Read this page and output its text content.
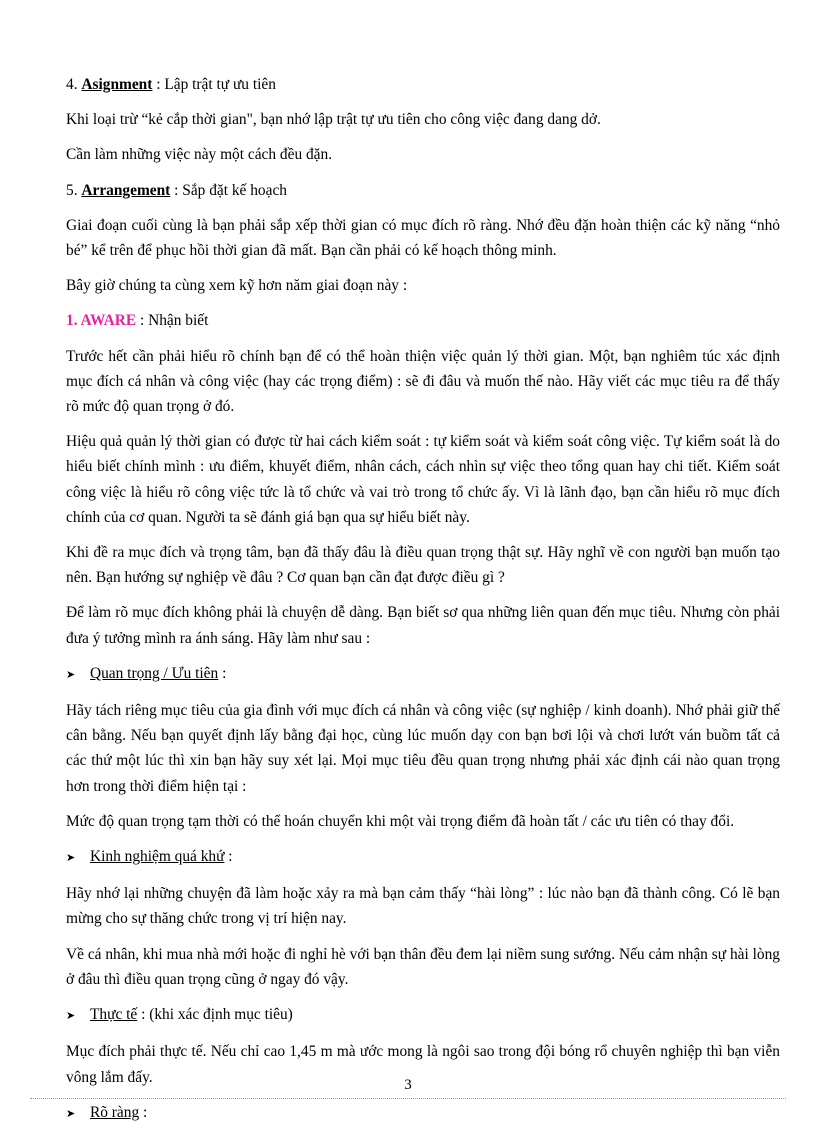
4. Asignment : Lập trật tự ưu tiên

Khi loại trừ “kẻ cắp thời gian", bạn nhớ lập trật tự ưu tiên cho công việc đang dang dở.

Cần làm những việc này một cách đều đặn.

5. Arrangement : Sắp đặt kế hoạch

Giai đoạn cuối cùng là bạn phải sắp xếp thời gian có mục đích rõ ràng. Nhớ đều đặn hoàn thiện các kỹ năng “nhỏ bé” kể trên để phục hồi thời gian đã mất. Bạn cần phải có kế hoạch thông minh.

Bây giờ chúng ta cùng xem kỹ hơn năm giai đoạn này :

1. AWARE : Nhận biết

Trước hết cần phải hiểu rõ chính bạn để có thể hoàn thiện việc quản lý thời gian. Một, bạn nghiêm túc xác định mục đích cá nhân và công việc (hay các trọng điểm) : sẽ đi đâu và muốn thế nào. Hãy viết các mục tiêu ra để thấy rõ mức độ quan trọng ở đó.

Hiệu quả quản lý thời gian có được từ hai cách kiểm soát : tự kiểm soát và kiểm soát công việc. Tự kiểm soát là do hiểu biết chính mình : ưu điểm, khuyết điểm, nhân cách, cách nhìn sự việc theo tổng quan hay chi tiết. Kiểm soát công việc là hiểu rõ công việc tức là tổ chức và vai trò trong tổ chức ấy. Vì là lãnh đạo, bạn cần hiểu rõ mục đích chính của cơ quan. Người ta sẽ đánh giá bạn qua sự hiểu biết này.

Khi đề ra mục đích và trọng tâm, bạn đã thấy đâu là điều quan trọng thật sự. Hãy nghĩ về con người bạn muốn tạo nên. Bạn hướng sự nghiệp về đâu ? Cơ quan bạn cần đạt được điều gì ?

Để làm rõ mục đích không phải là chuyện dễ dàng. Bạn biết sơ qua những liên quan đến mục tiêu. Nhưng còn phải đưa ý tưởng mình ra ánh sáng. Hãy làm như sau :

➤ Quan trọng / Ưu tiên :

Hãy tách riêng mục tiêu của gia đình với mục đích cá nhân và công việc (sự nghiệp / kinh doanh). Nhớ phải giữ thế cân bằng. Nếu bạn quyết định lấy bằng đại học, cùng lúc muốn dạy con bạn bơi lội và chơi lướt ván buồm tất cả các thứ một lúc thì xin bạn hãy suy xét lại. Mọi mục tiêu đều quan trọng nhưng phải xác định cái nào quan trọng hơn trong thời điểm hiện tại :

Mức độ quan trọng tạm thời có thể hoán chuyển khi một vài trọng điểm đã hoàn tất / các ưu tiên có thay đổi.

➤ Kinh nghiệm quá khứ :

Hãy nhớ lại những chuyện đã làm hoặc xảy ra mà bạn cảm thấy “hài lòng” : lúc nào bạn đã thành công. Có lẽ bạn mừng cho sự thăng chức trong vị trí hiện nay.

Về cá nhân, khi mua nhà mới hoặc đi nghỉ hè với bạn thân đều đem lại niềm sung sướng. Nếu cảm nhận sự hài lòng ở đâu thì điều quan trọng cũng ở ngay đó vậy.

➤ Thực tế : (khi xác định mục tiêu)

Mục đích phải thực tế. Nếu chỉ cao 1,45 m mà ước mong là ngôi sao trong đội bóng rổ chuyên nghiệp thì bạn viễn vông lắm đấy.

➤ Rõ ràng :
3
